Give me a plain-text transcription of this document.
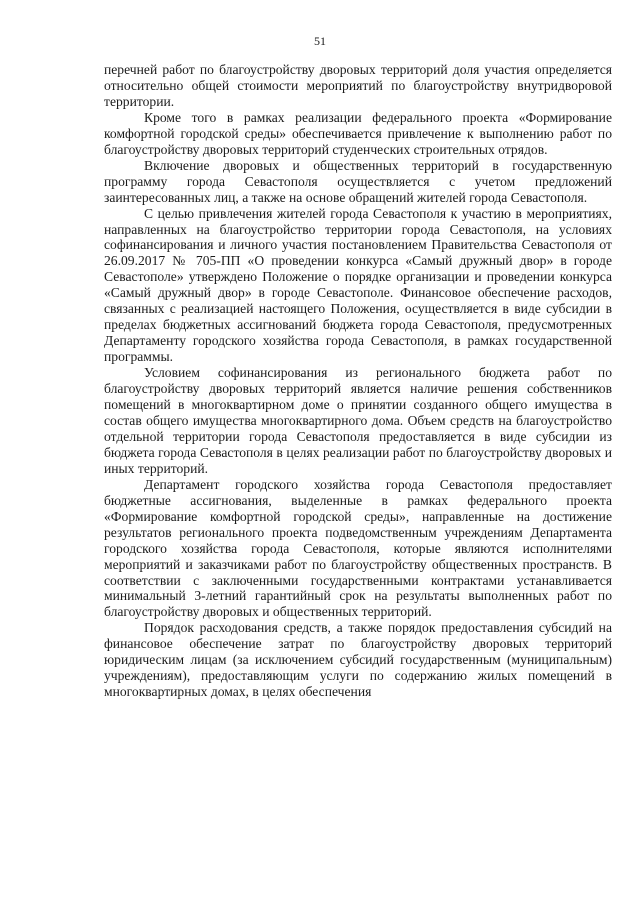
51

перечней работ по благоустройству дворовых территорий доля участия определяется относительно общей стоимости мероприятий по благоустройству внутридворовой территории.

Кроме того в рамках реализации федерального проекта «Формирование комфортной городской среды» обеспечивается привлечение к выполнению работ по благоустройству дворовых территорий студенческих строительных отрядов.

Включение дворовых и общественных территорий в государственную программу города Севастополя осуществляется с учетом предложений заинтересованных лиц, а также на основе обращений жителей города Севастополя.

С целью привлечения жителей города Севастополя к участию в мероприятиях, направленных на благоустройство территории города Севастополя, на условиях софинансирования и личного участия постановлением Правительства Севастополя от 26.09.2017 № 705-ПП «О проведении конкурса «Самый дружный двор» в городе Севастополе» утверждено Положение о порядке организации и проведении конкурса «Самый дружный двор» в городе Севастополе. Финансовое обеспечение расходов, связанных с реализацией настоящего Положения, осуществляется в виде субсидии в пределах бюджетных ассигнований бюджета города Севастополя, предусмотренных Департаменту городского хозяйства города Севастополя, в рамках государственной программы.

Условием софинансирования из регионального бюджета работ по благоустройству дворовых территорий является наличие решения собственников помещений в многоквартирном доме о принятии созданного общего имущества в состав общего имущества многоквартирного дома. Объем средств на благоустройство отдельной территории города Севастополя предоставляется в виде субсидии из бюджета города Севастополя в целях реализации работ по благоустройству дворовых и иных территорий.

Департамент городского хозяйства города Севастополя предоставляет бюджетные ассигнования, выделенные в рамках федерального проекта «Формирование комфортной городской среды», направленные на достижение результатов регионального проекта подведомственным учреждениям Департамента городского хозяйства города Севастополя, которые являются исполнителями мероприятий и заказчиками работ по благоустройству общественных пространств. В соответствии с заключенными государственными контрактами устанавливается минимальный 3-летний гарантийный срок на результаты выполненных работ по благоустройству дворовых и общественных территорий.

Порядок расходования средств, а также порядок предоставления субсидий на финансовое обеспечение затрат по благоустройству дворовых территорий юридическим лицам (за исключением субсидий государственным (муниципальным) учреждениям), предоставляющим услуги по содержанию жилых помещений в многоквартирных домах, в целях обеспечения
